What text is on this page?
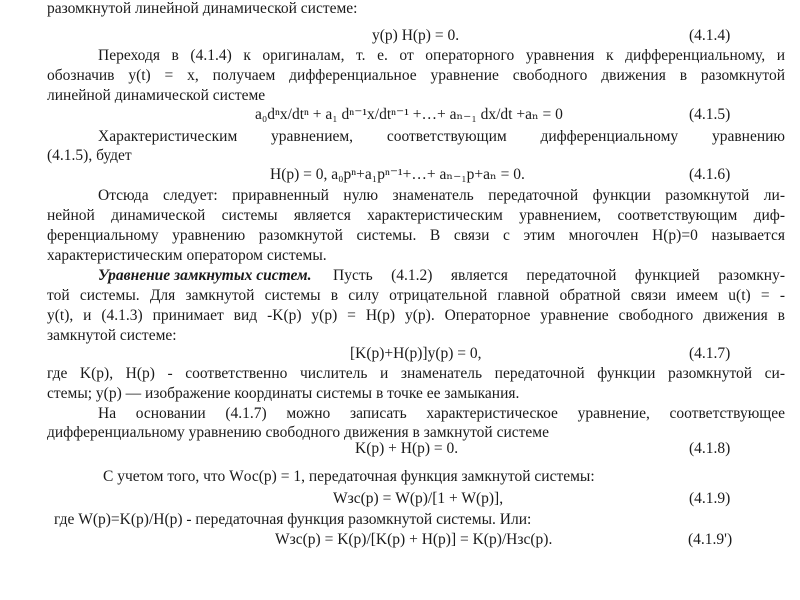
разомкнутой линейной динамической системе:
y(p) H(p) = 0.	(4.1.4)
Переходя в (4.1.4) к оригиналам, т. е. от операторного уравнения к дифференциальному, и
обозначив y(t) = x, получаем дифференциальное уравнение свободного движения в разомкнутой
линейной динамической системе
a₀dⁿx/dtⁿ + a₁ dⁿ⁻¹x/dtⁿ⁻¹ +…+ aₙ₋₁ dx/dt +aₙ = 0	(4.1.5)
Характеристическим уравнением, соответствующим дифференциальному уравнению
(4.1.5), будет
H(p) = 0, a₀pⁿ+a₁pⁿ⁻¹+…+ aₙ₋₁p+aₙ = 0.	(4.1.6)
Отсюда следует: приравненный нулю знаменатель передаточной функции разомкнутой ли-
нейной динамической системы является характеристическим уравнением, соответствующим диф-
ференциальному уравнению разомкнутой системы. В связи с этим многочлен H(p)=0 называется
характеристическим оператором системы.
Уравнение замкнутых систем. Пусть (4.1.2) является передаточной функцией разомкну-
той системы. Для замкнутой системы в силу отрицательной главной обратной связи имеем u(t) = -
y(t), и (4.1.3) принимает вид -K(p) y(p) = H(p) y(p). Операторное уравнение свободного движения в
замкнутой системе:
[K(p)+H(p)]y(p) = 0,	(4.1.7)
где K(p), H(p) - соответственно числитель и знаменатель передаточной функции разомкнутой си-
стемы; y(p) — изображение координаты системы в точке ее замыкания.
На основании (4.1.7) можно записать характеристическое уравнение, соответствующее
дифференциальному уравнению свободного движения в замкнутой системе
K(p) + H(p) = 0.	(4.1.8)
С учетом того, что Wос(p) = 1, передаточная функция замкнутой системы:
Wзс(p) = W(p)/[1 + W(p)],	(4.1.9)
где W(p)=K(p)/H(p) - передаточная функция разомкнутой системы. Или:
Wзс(p) = K(p)/[K(p) + H(p)] = K(p)/Hзс(p).	(4.1.9')
